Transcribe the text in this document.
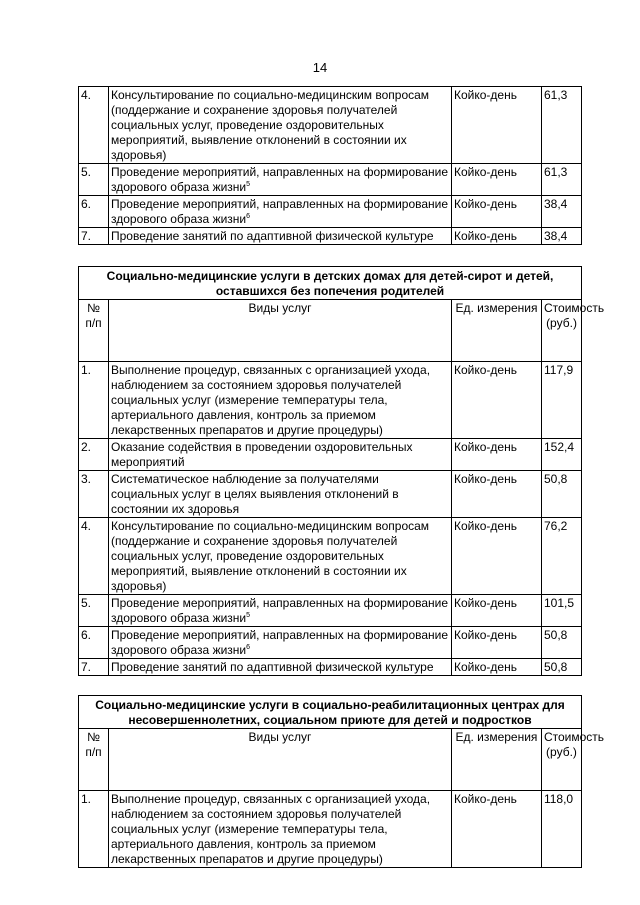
14
4.	Консультирование по социально-медицинским вопросам (поддержание и сохранение здоровья получателей социальных услуг, проведение оздоровительных мероприятий, выявление отклонений в состоянии их здоровья)	Койко-день	61,3
5.	Проведение мероприятий, направленных на формирование здорового образа жизни$^5$	Койко-день	61,3
6.	Проведение мероприятий, направленных на формирование здорового образа жизни$^6$	Койко-день	38,4
7.	Проведение занятий по адаптивной физической культуре	Койко-день	38,4
Социально-медицинские услуги в детских домах для детей-сирот и детей, оставшихся без попечения родителей			
№ п/п	Виды услуг	Ед. измерения	Стоимость (руб.)
1.	Выполнение процедур, связанных с организацией ухода, наблюдением за состоянием здоровья получателей социальных услуг (измерение температуры тела, артериального давления, контроль за приемом лекарственных препаратов и другие процедуры)	Койко-день	117,9
2.	Оказание содействия в проведении оздоровительных мероприятий	Койко-день	152,4
3.	Систематическое наблюдение за получателями социальных услуг в целях выявления отклонений в состоянии их здоровья	Койко-день	50,8
4.	Консультирование по социально-медицинским вопросам (поддержание и сохранение здоровья получателей социальных услуг, проведение оздоровительных мероприятий, выявление отклонений в состоянии их здоровья)	Койко-день	76,2
5.	Проведение мероприятий, направленных на формирование здорового образа жизни$^5$	Койко-день	101,5
6.	Проведение мероприятий, направленных на формирование здорового образа жизни$^6$	Койко-день	50,8
7.	Проведение занятий по адаптивной физической культуре	Койко-день	50,8
Социально-медицинские услуги в социально-реабилитационных центрах для несовершеннолетних, социальном приюте для детей и подростков			
№ п/п	Виды услуг	Ед. измерения	Стоимость (руб.)
1.	Выполнение процедур, связанных с организацией ухода, наблюдением за состоянием здоровья получателей социальных услуг (измерение температуры тела, артериального давления, контроль за приемом лекарственных препаратов и другие процедуры)	Койко-день	118,0
